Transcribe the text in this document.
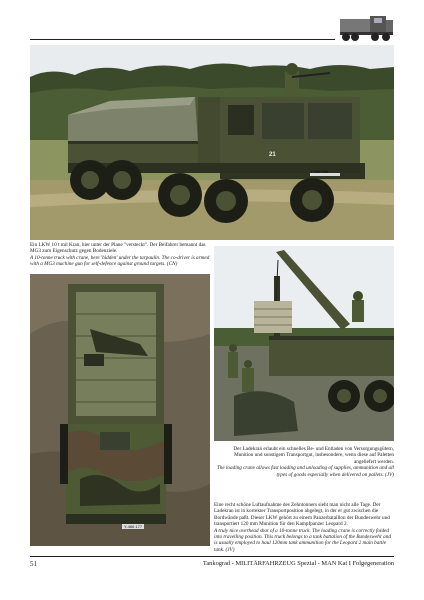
21
Y-466 188

Ein LKW 10 t mil Kran, hier unter der Plane "versteckt". Der Beifahrer bemannt das MG3 zum Eigenschutz gegen Bodenziele.

A 10-tonne truck with crane, here 'hidden' under the tarpaulin. The co-driver is armed with a MG3 machine gun for self-defence against ground targets. (CN)

Y-466 177

Der Ladekran erlaubt ein schnelles Be- und Entladen von Versorgungsgütern, Munition und sonstigem Transportgut, insbesondere, wenn diese auf Paletten angeliefert werden.

The loading crane allows fast loading and unloading of supplies, ammunition and all types of goods especially when delivered on pallets. (JV)

Eine recht schöne Luftaufnahme des Zehntonners sieht man nicht alle Tage. Der Ladekran ist in korrekter Transportposition abgelegt, in der er gut zwischen die Bordwände paßt. Dieser LKW gehört zu einem Panzerbataillon der Bundeswehr und transportiert 120 mm Munition für den Kampfpanzer Leopard 2.

A truly nice overhead shot of a 10-tonne truck. The loading crane is correctly folded into travelling position. This truck belongs to a tank battalion of the Bundeswehr and is usually employed to haul 120mm tank ammunition for the Leopard 2 main battle tank. (JV)

51	Tankograd - MILITÄRFAHRZEUG Spezial - MAN Kat I Folgegeneration
